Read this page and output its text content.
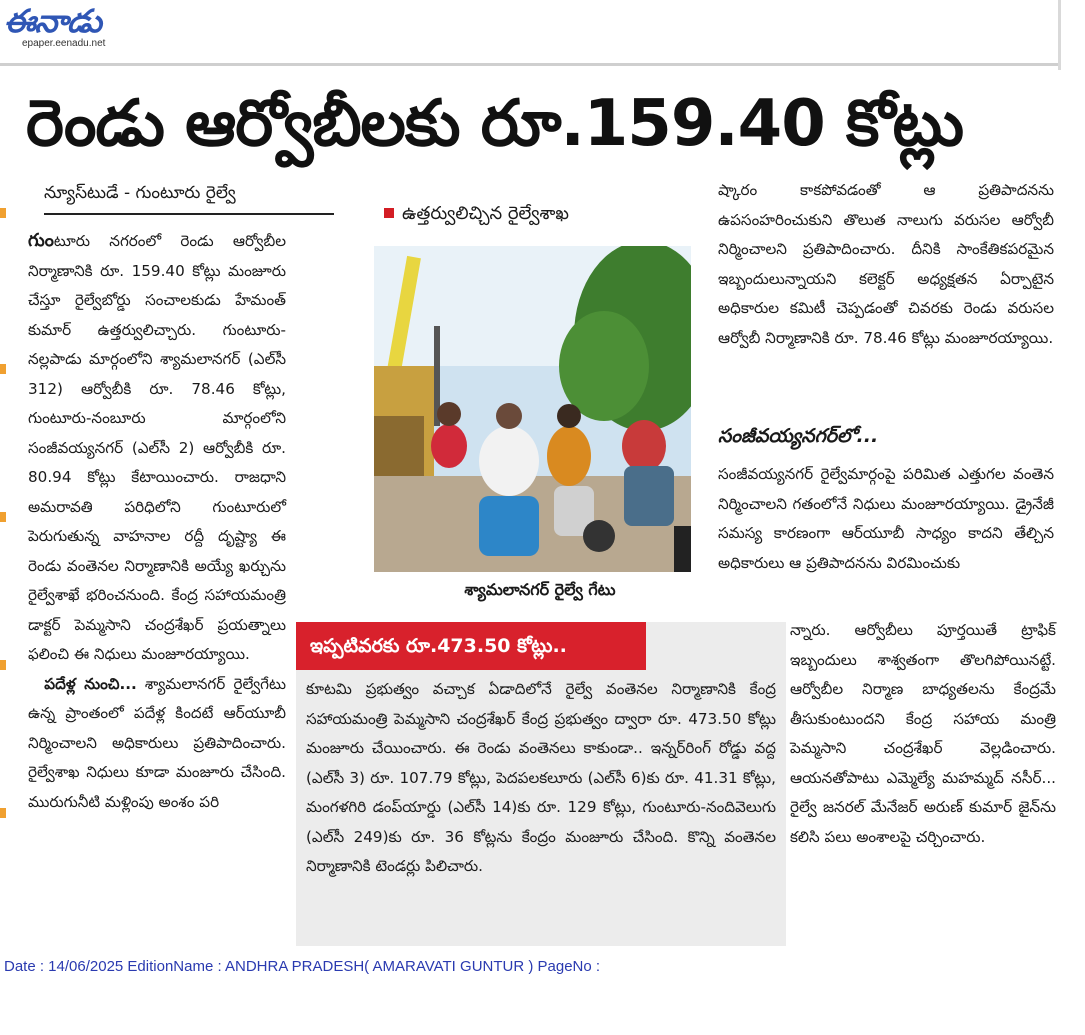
ఈనాడు
epaper.eenadu.net
రెండు ఆర్వోబీలకు రూ.159.40 కోట్లు
న్యూస్‌టుడే - గుంటూరు రైల్వే

గుంటూరు నగరంలో రెండు ఆర్వోబీల నిర్మాణానికి రూ. 159.40 కోట్లు మంజూరు చేస్తూ రైల్వేబోర్డు సంచాలకుడు హేమంత్ కుమార్ ఉత్తర్వులిచ్చారు. గుంటూరు-నల్లపాడు మార్గంలోని శ్యామలానగర్ (ఎల్‌సీ 312) ఆర్వోబీకి రూ. 78.46 కోట్లు, గుంటూరు-నంబూరు మార్గంలోని సంజీవయ్యనగర్ (ఎల్‌సీ 2) ఆర్వోబీకి రూ. 80.94 కోట్లు కేటాయించారు. రాజధాని అమరావతి పరిధిలోని గుంటూరులో పెరుగుతున్న వాహనాల రద్దీ దృష్ట్యా ఈ రెండు వంతెనల నిర్మాణానికి అయ్యే ఖర్చును రైల్వేశాఖే భరించనుంది. కేంద్ర సహాయమంత్రి డాక్టర్ పెమ్మసాని చంద్రశేఖర్ ప్రయత్నాలు ఫలించి ఈ నిధులు మంజూరయ్యాయి.

పదేళ్ల నుంచి... శ్యామలానగర్ రైల్వేగేటు ఉన్న ప్రాంతంలో పదేళ్ల కిందటే ఆర్‌యూబీ నిర్మించాలని అధికారులు ప్రతిపాదించారు. రైల్వేశాఖ నిధులు కూడా మంజూరు చేసింది. మురుగునీటి మళ్లింపు అంశం పరి

ఉత్తర్వులిచ్చిన రైల్వేశాఖ
శ్యామలానగర్ రైల్వే గేటు

ష్కారం కాకపోవడంతో ఆ ప్రతిపాదనను ఉపసంహరించుకుని తొలుత నాలుగు వరుసల ఆర్వోబీ నిర్మించాలని ప్రతిపాదించారు. దీనికి సాంకేతికపరమైన ఇబ్బందులున్నాయని కలెక్టర్ అధ్యక్షతన ఏర్పాటైన అధికారుల కమిటీ చెప్పడంతో చివరకు రెండు వరుసల ఆర్వోబీ నిర్మాణానికి రూ. 78.46 కోట్లు మంజూరయ్యాయి.

సంజీవయ్యనగర్‌లో...

సంజీవయ్యనగర్ రైల్వేమార్గంపై పరిమిత ఎత్తుగల వంతెన నిర్మించాలని గతంలోనే నిధులు మంజూరయ్యాయి. డ్రైనేజీ సమస్య కారణంగా ఆర్‌యూబీ సాధ్యం కాదని తేల్చిన అధికారులు ఆ ప్రతిపాదనను విరమించుకు

న్నారు. ఆర్వోబీలు పూర్తయితే ట్రాఫిక్ ఇబ్బందులు శాశ్వతంగా తొలగిపోయినట్టే. ఆర్వోబీల నిర్మాణ బాధ్యతలను కేంద్రమే తీసుకుంటుందని కేంద్ర సహాయ మంత్రి పెమ్మసాని చంద్రశేఖర్ వెల్లడించారు. ఆయనతోపాటు ఎమ్మెల్యే మహమ్మద్ నసీర్... రైల్వే జనరల్ మేనేజర్ అరుణ్ కుమార్ జైన్‌ను కలిసి పలు అంశాలపై చర్చించారు.

ఇప్పటివరకు రూ.473.50 కోట్లు..

కూటమి ప్రభుత్వం వచ్చాక ఏడాదిలోనే రైల్వే వంతెనల నిర్మాణానికి కేంద్ర సహాయమంత్రి పెమ్మసాని చంద్రశేఖర్ కేంద్ర ప్రభుత్వం ద్వారా రూ. 473.50 కోట్లు మంజూరు చేయించారు. ఈ రెండు వంతెనలు కాకుండా.. ఇన్నర్‌రింగ్ రోడ్డు వద్ద (ఎల్‌సీ 3) రూ. 107.79 కోట్లు, పెదపలకలూరు (ఎల్‌సీ 6)కు రూ. 41.31 కోట్లు, మంగళగిరి డంప్‌యార్డు (ఎల్‌సీ 14)కు రూ. 129 కోట్లు, గుంటూరు-నందివెలుగు (ఎల్‌సీ 249)కు రూ. 36 కోట్లను కేంద్రం మంజూరు చేసింది. కొన్ని వంతెనల నిర్మాణానికి టెండర్లు పిలిచారు.

Date : 14/06/2025 EditionName : ANDHRA PRADESH( AMARAVATI GUNTUR ) PageNo :
